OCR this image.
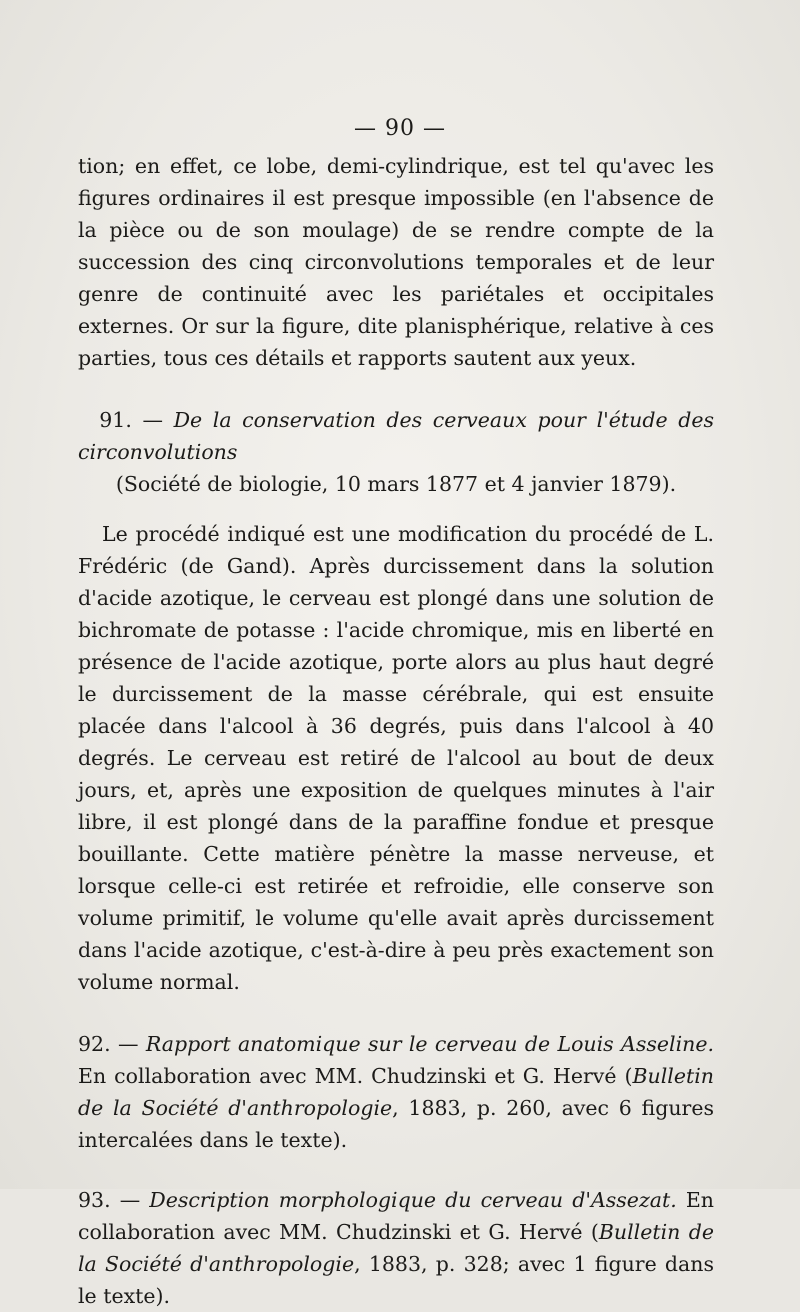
— 90 —

tion; en effet, ce lobe, demi-cylindrique, est tel qu'avec les figures ordinaires il est presque impossible (en l'absence de la pièce ou de son moulage) de se rendre compte de la succession des cinq circonvolutions temporales et de leur genre de continuité avec les pariétales et occipitales externes. Or sur la figure, dite planisphérique, relative à ces parties, tous ces détails et rapports sautent aux yeux.

91. — De la conservation des cerveaux pour l'étude des circonvolutions

(Société de biologie, 10 mars 1877 et 4 janvier 1879).

Le procédé indiqué est une modification du procédé de L. Frédéric (de Gand). Après durcissement dans la solution d'acide azotique, le cerveau est plongé dans une solution de bichromate de potasse : l'acide chromique, mis en liberté en présence de l'acide azotique, porte alors au plus haut degré le durcissement de la masse cérébrale, qui est ensuite placée dans l'alcool à 36 degrés, puis dans l'alcool à 40 degrés. Le cerveau est retiré de l'alcool au bout de deux jours, et, après une exposition de quelques minutes à l'air libre, il est plongé dans de la paraffine fondue et presque bouillante. Cette matière pénètre la masse nerveuse, et lorsque celle-ci est retirée et refroidie, elle conserve son volume primitif, le volume qu'elle avait après durcissement dans l'acide azotique, c'est-à-dire à peu près exactement son volume normal.

92. — Rapport anatomique sur le cerveau de Louis Asseline. En collaboration avec MM. Chudzinski et G. Hervé (Bulletin de la Société d'anthropologie, 1883, p. 260, avec 6 figures intercalées dans le texte).

93. — Description morphologique du cerveau d'Assezat. En collaboration avec MM. Chudzinski et G. Hervé (Bulletin de la Société d'anthropologie, 1883, p. 328; avec 1 figure dans le texte).
